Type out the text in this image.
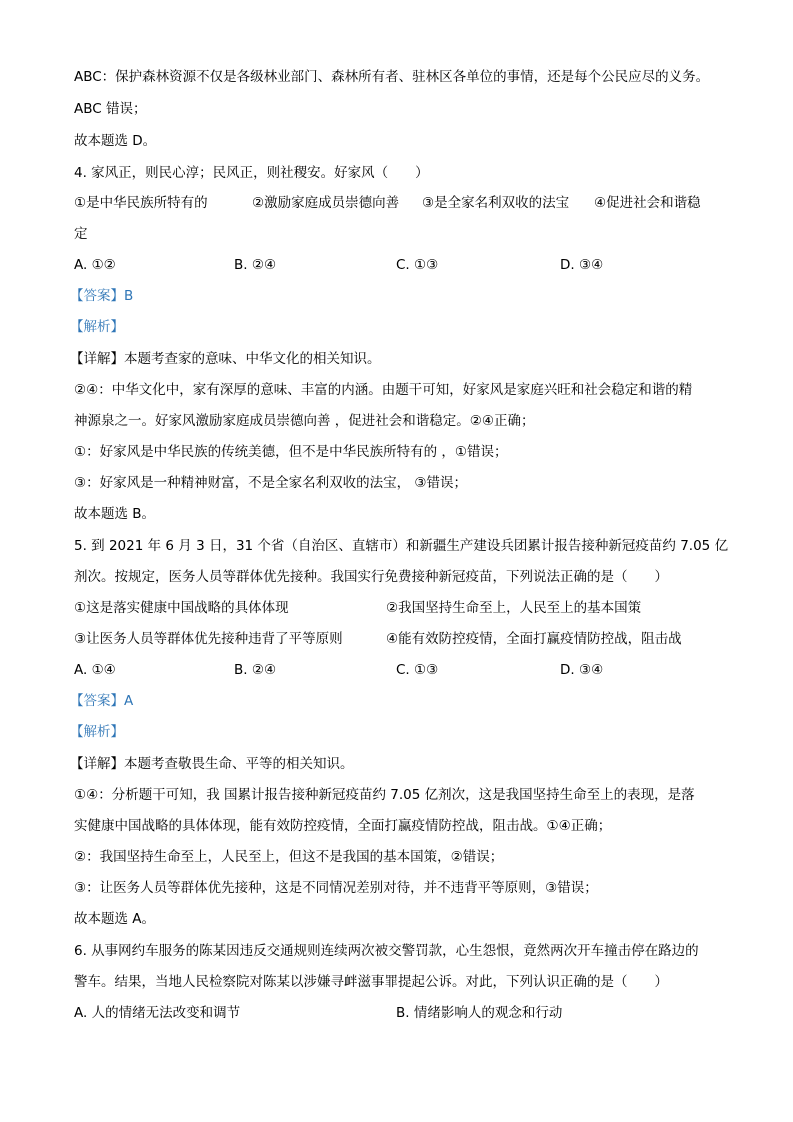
ABC：保护森林资源不仅是各级林业部门、森林所有者、驻林区各单位的事情，还是每个公民应尽的义务。
ABC 错误；
故本题选 D。
4. 家风正，则民心淳；民风正，则社稷安。好家风（　　）
①是中华民族所特有的	②激励家庭成员崇德向善 ③是全家名利双收的法宝 ④促进社会和谐稳
定
A. ①②	B. ②④	C. ①③	D. ③④
【答案】B
【解析】
【详解】本题考查家的意味、中华文化的相关知识。
②④：中华文化中，家有深厚的意味、丰富的内涵。由题干可知，好家风是家庭兴旺和社会稳定和谐的精
神源泉之一。好家风激励家庭成员崇德向善 ，促进社会和谐稳定。②④正确；
①：好家风是中华民族的传统美德，但不是中华民族所特有的 ，①错误；
③：好家风是一种精神财富，不是全家名利双收的法宝， ③错误；
故本题选 B。
5. 到 2021 年 6 月 3 日，31 个省（自治区、直辖市）和新疆生产建设兵团累计报告接种新冠疫苗约 7.05 亿
剂次。按规定，医务人员等群体优先接种。我国实行免费接种新冠疫苗，下列说法正确的是（　　）
①这是落实健康中国战略的具体体现	②我国坚持生命至上，人民至上的基本国策
③让医务人员等群体优先接种违背了平等原则	④能有效防控疫情，全面打赢疫情防控战，阻击战
A. ①④	B. ②④	C. ①③	D. ③④
【答案】A
【解析】
【详解】本题考查敬畏生命、平等的相关知识。
①④：分析题干可知，我 国累计报告接种新冠疫苗约 7.05 亿剂次，这是我国坚持生命至上的表现，是落
实健康中国战略的具体体现，能有效防控疫情，全面打赢疫情防控战，阻击战。①④正确；
②：我国坚持生命至上，人民至上，但这不是我国的基本国策，②错误；
③：让医务人员等群体优先接种，这是不同情况差别对待，并不违背平等原则，③错误；
故本题选 A。
6. 从事网约车服务的陈某因违反交通规则连续两次被交警罚款，心生怨恨，竟然两次开车撞击停在路边的
警车。结果，当地人民检察院对陈某以涉嫌寻衅滋事罪提起公诉。对此，下列认识正确的是（　　）
A. 人的情绪无法改变和调节	B. 情绪影响人的观念和行动
